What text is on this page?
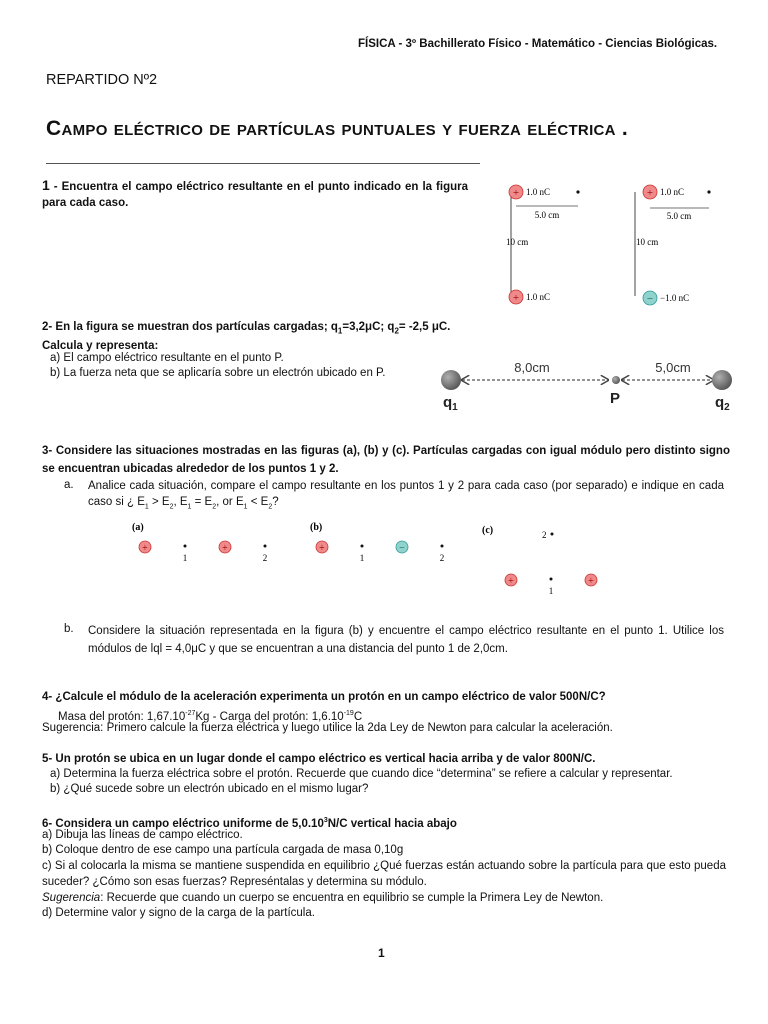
FÍSICA - 3º Bachillerato Físico - Matemático - Ciencias Biológicas.
REPARTIDO Nº2
Campo eléctrico de partículas puntuales y fuerza eléctrica .
1 - Encuentra el campo eléctrico resultante en el punto indicado en la figura para cada caso.
+ 1.0 nC
5.0 cm
10 cm
+ 1.0 nC
+ 1.0 nC
5.0 cm
10 cm
− −1.0 nC
2- En la figura se muestran dos partículas cargadas; $q_1=3,2\mu C$; $q_2= -2,5$ μC.
Calcula y representa:
a) El campo eléctrico resultante en el punto P.
b) La fuerza neta que se aplicaría sobre un electrón ubicado en P.	8,0cm	5,0cm
$q_1$
P	$q_2$
3- Considere las situaciones mostradas en las figuras (a), (b) y (c). Partículas cargadas con igual módulo pero distinto signo se encuentran ubicadas alrededor de los puntos 1 y 2.
a. Analice cada situación, compare el campo resultante en los puntos 1 y 2 para cada caso (por separado) e indique en cada caso si ¿ $E_1 > E_2$, $E_1 = E_2$, or $E_1 < E_2$?
(a)
+
1
+
2
(b)
+
1
−
2
(c)	2
+
1
+
b. Considere la situación representada en la figura (b) y encuentre el campo eléctrico resultante en el punto 1. Utilice los módulos de lql = 4,0μC y que se encuentran a una distancia del punto 1 de 2,0cm.
4- ¿Calcule el módulo de la aceleración experimenta un protón en un campo eléctrico de valor 500N/C?
Masa del protón: $1,67.10^{-27}Kg$ - Carga del protón: $1,6.10^{-19}C$
Sugerencia: Primero calcule la fuerza eléctrica y luego utilice la 2da Ley de Newton para calcular la aceleración.
5- Un protón se ubica en un lugar donde el campo eléctrico es vertical hacia arriba y de valor 800N/C.
a) Determina la fuerza eléctrica sobre el protón. Recuerde que cuando dice “determina” se refiere a calcular y representar.
b) ¿Qué sucede sobre un electrón ubicado en el mismo lugar?
6- Considera un campo eléctrico uniforme de 5,0.10$^3$N/C vertical hacia abajo
a) Dibuja las líneas de campo eléctrico.
b) Coloque dentro de ese campo una partícula cargada de masa 0,10g
c) Si al colocarla la misma se mantiene suspendida en equilibrio ¿Qué fuerzas están actuando sobre la partícula para que esto pueda suceder? ¿Cómo son esas fuerzas? Represéntalas y determina su módulo.
Sugerencia: Recuerde que cuando un cuerpo se encuentra en equilibrio se cumple la Primera Ley de Newton.
d) Determine valor y signo de la carga de la partícula.
1
